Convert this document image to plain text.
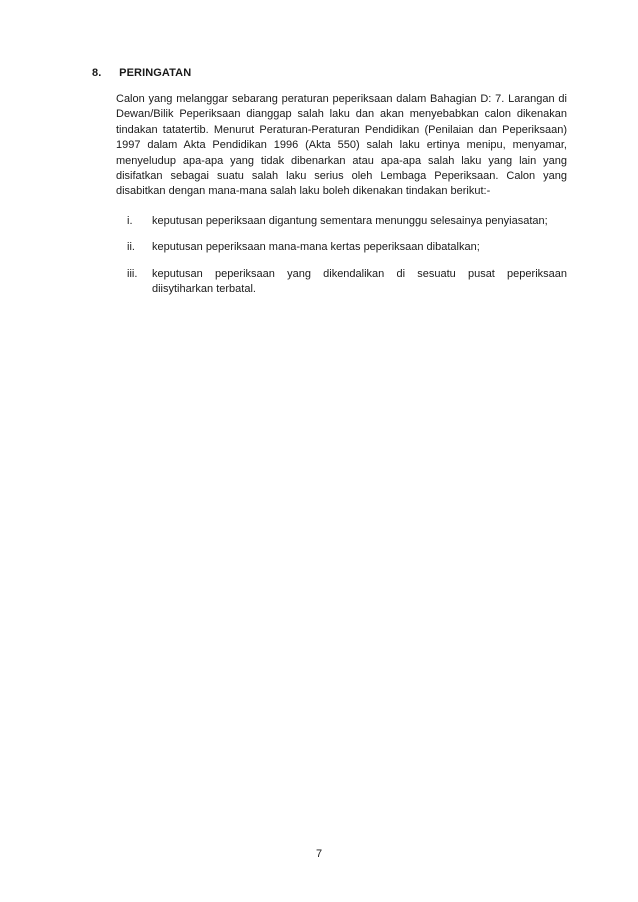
8. PERINGATAN

Calon yang melanggar sebarang peraturan peperiksaan dalam Bahagian D: 7. Larangan di Dewan/Bilik Peperiksaan dianggap salah laku dan akan menyebabkan calon dikenakan tindakan tatatertib. Menurut Peraturan-Peraturan Pendidikan (Penilaian dan Peperiksaan) 1997 dalam Akta Pendidikan 1996 (Akta 550) salah laku ertinya menipu, menyamar, menyeludup apa-apa yang tidak dibenarkan atau apa-apa salah laku yang lain yang disifatkan sebagai suatu salah laku serius oleh Lembaga Peperiksaan. Calon yang disabitkan dengan mana-mana salah laku boleh dikenakan tindakan berikut:-

i. keputusan peperiksaan digantung sementara menunggu selesainya penyiasatan;
ii. keputusan peperiksaan mana-mana kertas peperiksaan dibatalkan;
iii. keputusan peperiksaan yang dikendalikan di sesuatu pusat peperiksaan diisytiharkan terbatal.
7
